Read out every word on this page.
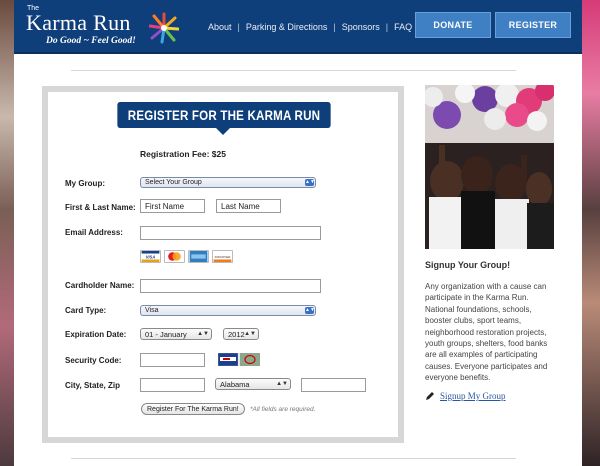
The
Karma Run
Do Good ~ Feel Good!
About | Parking & Directions | Sponsors | FAQ	DONATE	REGISTER
REGISTER FOR THE KARMA RUN
Registration Fee: $25
My Group:	Select Your Group	▲▼
First & Last Name:
First Name
Last Name
Email Address:
VISA	DISCOVER
Cardholder Name:
Card Type:	Visa	▲▼
Expiration Date: 01 - January ▲▼	2012 ▲▼
Security Code:
City, State, Zip	Alabama	▲▼
Register For The Karma Run!	*All fields are required.
Signup Your Group!
Any organization with a cause can participate in the Karma Run. National foundations, schools, booster clubs, sport teams, neighborhood restoration projects, youth groups, shelters, food banks are all examples of participating causes. Everyone participates and everyone benefits.
Signup My Group
